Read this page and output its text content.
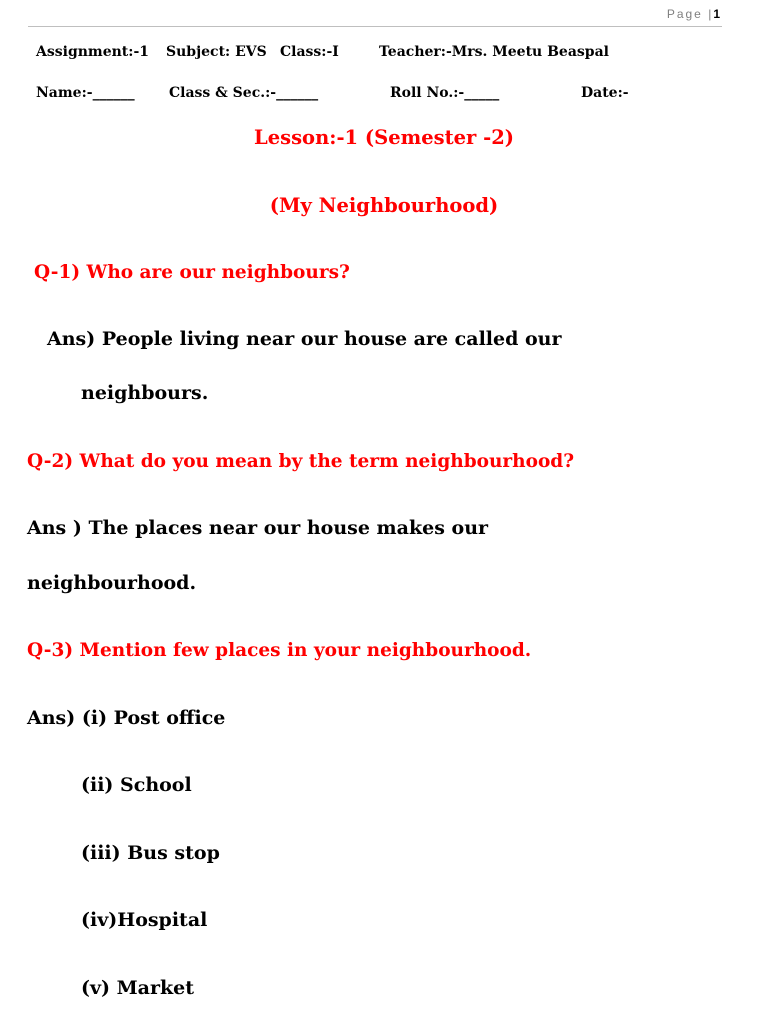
Page |1
Assignment:-1 Subject: EVS Class:-I	Teacher:-Mrs. Meetu Beaspal
Name:-______ Class & Sec.:-______	Roll No.:-_____	Date:-
Lesson:-1 (Semester -2)
(My Neighbourhood)
Q-1) Who are our neighbours?
Ans) People living near our house are called our
neighbours.
Q-2) What do you mean by the term neighbourhood?
Ans ) The places near our house makes our
neighbourhood.
Q-3) Mention few places in your neighbourhood.
Ans) (i) Post office
(ii) School
(iii) Bus stop
(iv)Hospital
(v) Market
